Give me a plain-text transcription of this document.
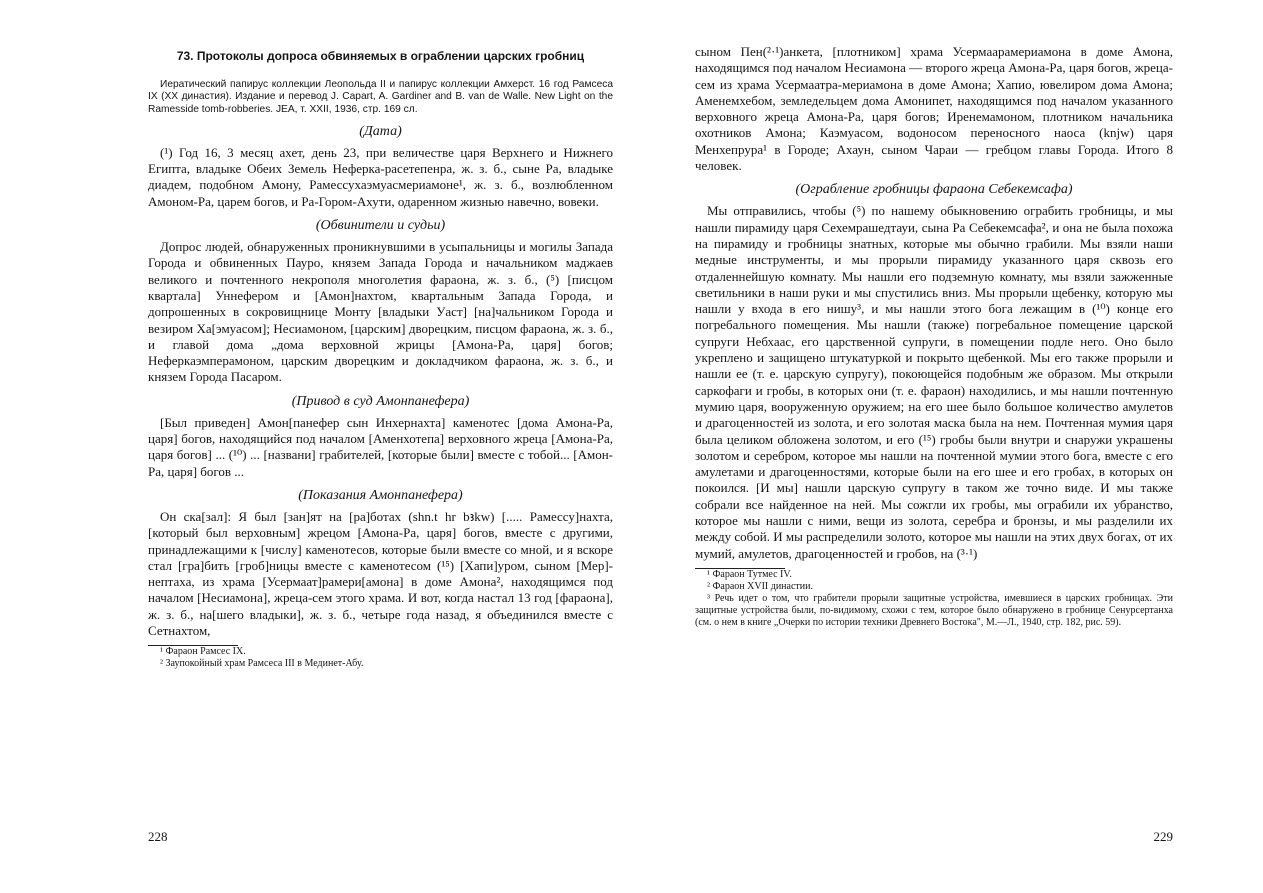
73. Протоколы допроса обвиняемых в ограблении царских гробниц
Иератический папирус коллекции Леопольда II и папирус коллекции Амхерст. 16 год Рамсеса IX (XX династия). Издание и перевод J. Capart, A. Gardiner and B. van de Walle. New Light on the Ramesside tomb-robberies. JEA, т. XXII, 1936, стр. 169 сл.
(Дата)

(¹) Год 16, 3 месяц ахет, день 23, при величестве царя Верхнего и Нижнего Египта, владыке Обеих Земель Неферка-расетепенра, ж. з. б., сыне Ра, владыке диадем, подобном Амону, Рамессухаэмуасмериамоне¹, ж. з. б., возлюбленном Амоном-Ра, царем богов, и Ра-Гором-Ахути, одаренном жизнью навечно, вовеки.

(Обвинители и судьи)

Допрос людей, обнаруженных проникнувшими в усыпальницы и могилы Запада Города и обвиненных Пауро, князем Запада Города и начальником маджаев великого и почтенного некрополя многолетия фараона, ж. з. б., (⁵) [писцом квартала] Уннефером и [Амон]нахтом, квартальным Запада Города, и допрошенных в сокровищнице Монту [владыки Уаст] [на]чальником Города и везиром Ха[эмуасом]; Несиамоном, [царским] дворецким, писцом фараона, ж. з. б., и главой дома „дома верховной жрицы [Амона-Ра, царя] богов; Неферкаэмперамоном, царским дворецким и докладчиком фараона, ж. з. б., и князем Города Пасаром.

(Привод в суд Амонпанефера)

[Был приведен] Амон[панефер сын Инхернахта] каменотес [дома Амона-Ра, царя] богов, находящийся под началом [Аменхотепа] верховного жреца [Амона-Ра, царя богов] ... (¹⁰) ... [названи] грабителей, [которые были] вместе с тобой... [Амон-Ра, царя] богов ...

(Показания Амонпанефера)

Он ска[зал]: Я был [зан]ят на [ра]ботах (shn.t hr bꜣkw) [..... Рамессу]нахта, [который был верховным] жрецом [Амона-Ра, царя] богов, вместе с другими, принадлежащими к [числу] каменотесов, которые были вместе со мной, и я вскоре стал [гра]бить [гроб]ницы вместе с каменотесом (¹⁵) [Хапи]уром, сыном [Мер]-нептаха, из храма [Усермаат]рамери[амона] в доме Амона², находящимся под началом [Несиамона], жреца-сем этого храма. И вот, когда настал 13 год [фараона], ж. з. б., на[шего владыки], ж. з. б., четыре года назад, я объединился вместе с Сетнахтом,

¹ Фараон Рамсес IX.
² Заупокойный храм Рамсеса III в Мединет-Абу.
228

сыном Пен(²·¹)анкета, [плотником] храма Усермаарамериамона в доме Амона, находящимся под началом Несиамона — второго жреца Амона-Ра, царя богов, жреца-сем из храма Усермаатра-мериамона в доме Амона; Хапио, ювелиром дома Амона; Аменемхебом, земледельцем дома Амонипет, находящимся под началом указанного верховного жреца Амона-Ра, царя богов; Иренемамоном, плотником начальника охотников Амона; Каэмуасом, водоносом переносного наоса (knjw) царя Менхепрура¹ в Городе; Ахаун, сыном Чараи — гребцом главы Города. Итого 8 человек.

(Ограбление гробницы фараона Себекемсафа)

Мы отправились, чтобы (⁵) по нашему обыкновению ограбить гробницы, и мы нашли пирамиду царя Сехемрашедтауи, сына Ра Себекемсафа², и она не была похожа на пирамиду и гробницы знатных, которые мы обычно грабили. Мы взяли наши медные инструменты, и мы прорыли пирамиду указанного царя сквозь его отдаленнейшую комнату. Мы нашли его подземную комнату, мы взяли зажженные светильники в наши руки и мы спустились вниз. Мы прорыли щебенку, которую мы нашли у входа в его нишу³, и мы нашли этого бога лежащим в (¹⁰) конце его погребального помещения. Мы нашли (также) погребальное помещение царской супруги Небхаас, его царственной супруги, в помещении подле него. Оно было укреплено и защищено штукатуркой и покрыто щебенкой. Мы его также прорыли и нашли ее (т. е. царскую супругу), покоющейся подобным же образом. Мы открыли саркофаги и гробы, в которых они (т. е. фараон) находились, и мы нашли почтенную мумию царя, вооруженную оружием; на его шее было большое количество амулетов и драгоценностей из золота, и его золотая маска была на нем. Почтенная мумия царя была целиком обложена золотом, и его (¹⁵) гробы были внутри и снаружи украшены золотом и серебром, которое мы нашли на почтенной мумии этого бога, вместе с его амулетами и драгоценностями, которые были на его шее и его гробах, в которых он покоился. [И мы] нашли царскую супругу в таком же точно виде. И мы также собрали все найденное на ней. Мы сожгли их гробы, мы ограбили их убранство, которое мы нашли с ними, вещи из золота, серебра и бронзы, и мы разделили их между собой. И мы распределили золото, которое мы нашли на этих двух богах, от их мумий, амулетов, драгоценностей и гробов, на (³·¹)

¹ Фараон Тутмес IV.
² Фараон XVII династии.
³ Речь идет о том, что грабители прорыли защитные устройства, имевшиеся в царских гробницах. Эти защитные устройства были, по-видимому, схожи с тем, которое было обнаружено в гробнице Сенурсертанха (см. о нем в книге „Очерки по истории техники Древнего Востока", М.—Л., 1940, стр. 182, рис. 59).
229
